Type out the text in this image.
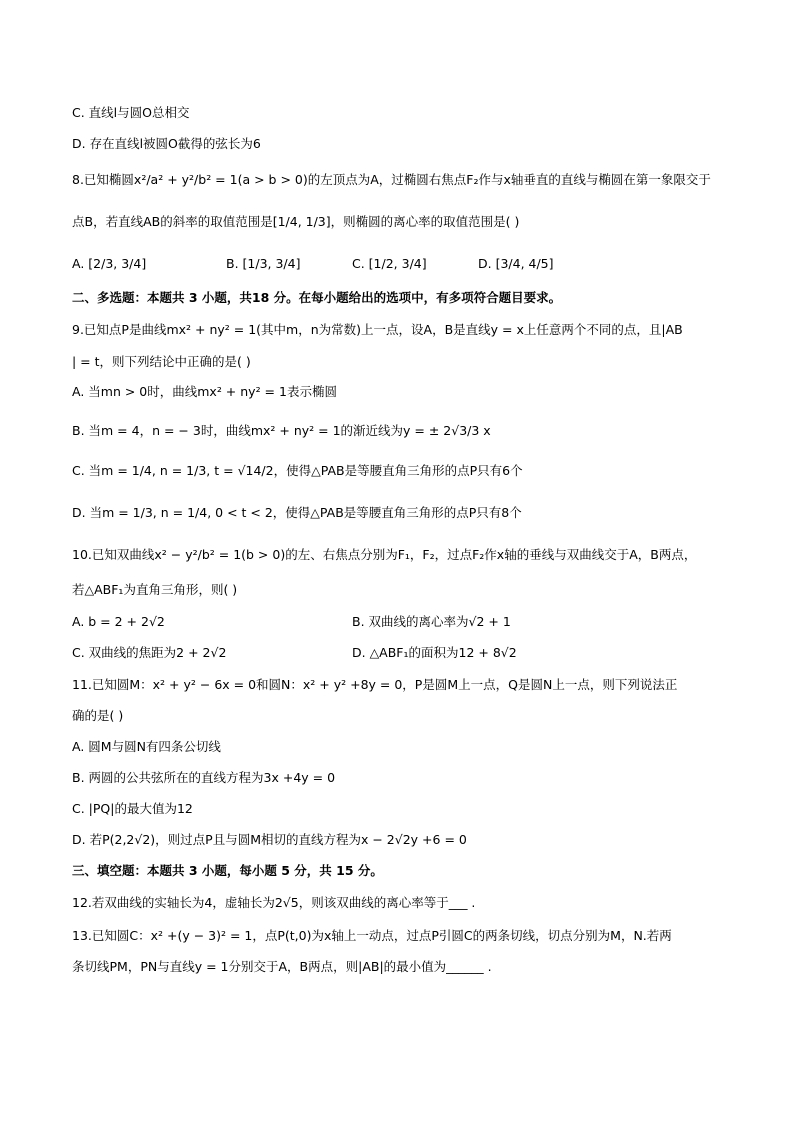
C. 直线l与圆O总相交
D. 存在直线l被圆O截得的弦长为6
8.已知椭圆x²/a² + y²/b² = 1(a > b > 0)的左顶点为A，过椭圆右焦点F₂作与x轴垂直的直线与椭圆在第一象限交于
点B，若直线AB的斜率的取值范围是[1/4, 1/3]，则椭圆的离心率的取值范围是( )
A. [2/3, 3/4]	B. [1/3, 3/4]	C. [1/2, 3/4]	D. [3/4, 4/5]
二、多选题：本题共 3 小题，共18 分。在每小题给出的选项中，有多项符合题目要求。
9.已知点P是曲线mx² + ny² = 1(其中m，n为常数)上一点，设A，B是直线y = x上任意两个不同的点，且|AB
| = t，则下列结论中正确的是( )
A. 当mn > 0时，曲线mx² + ny² = 1表示椭圆
B. 当m = 4，n = − 3时，曲线mx² + ny² = 1的渐近线为y = ± 2√3/3 x
C. 当m = 1/4, n = 1/3, t = √14/2，使得△PAB是等腰直角三角形的点P只有6个
D. 当m = 1/3, n = 1/4, 0 < t < 2，使得△PAB是等腰直角三角形的点P只有8个
10.已知双曲线x² − y²/b² = 1(b > 0)的左、右焦点分别为F₁，F₂，过点F₂作x轴的垂线与双曲线交于A，B两点，
若△ABF₁为直角三角形，则( )
A. b = 2 + 2√2	B. 双曲线的离心率为√2 + 1
C. 双曲线的焦距为2 + 2√2	D. △ABF₁的面积为12 + 8√2
11.已知圆M：x² + y² − 6x = 0和圆N：x² + y² +8y = 0，P是圆M上一点，Q是圆N上一点，则下列说法正
确的是( )
A. 圆M与圆N有四条公切线
B. 两圆的公共弦所在的直线方程为3x +4y = 0
C. |PQ|的最大值为12
D. 若P(2,2√2)，则过点P且与圆M相切的直线方程为x − 2√2y +6 = 0
三、填空题：本题共 3 小题，每小题 5 分，共 15 分。
12.若双曲线的实轴长为4，虚轴长为2√5，则该双曲线的离心率等于___ .
13.已知圆C：x² +(y − 3)² = 1，点P(t,0)为x轴上一动点，过点P引圆C的两条切线，切点分别为M，N.若两
条切线PM，PN与直线y = 1分别交于A，B两点，则|AB|的最小值为______ .
